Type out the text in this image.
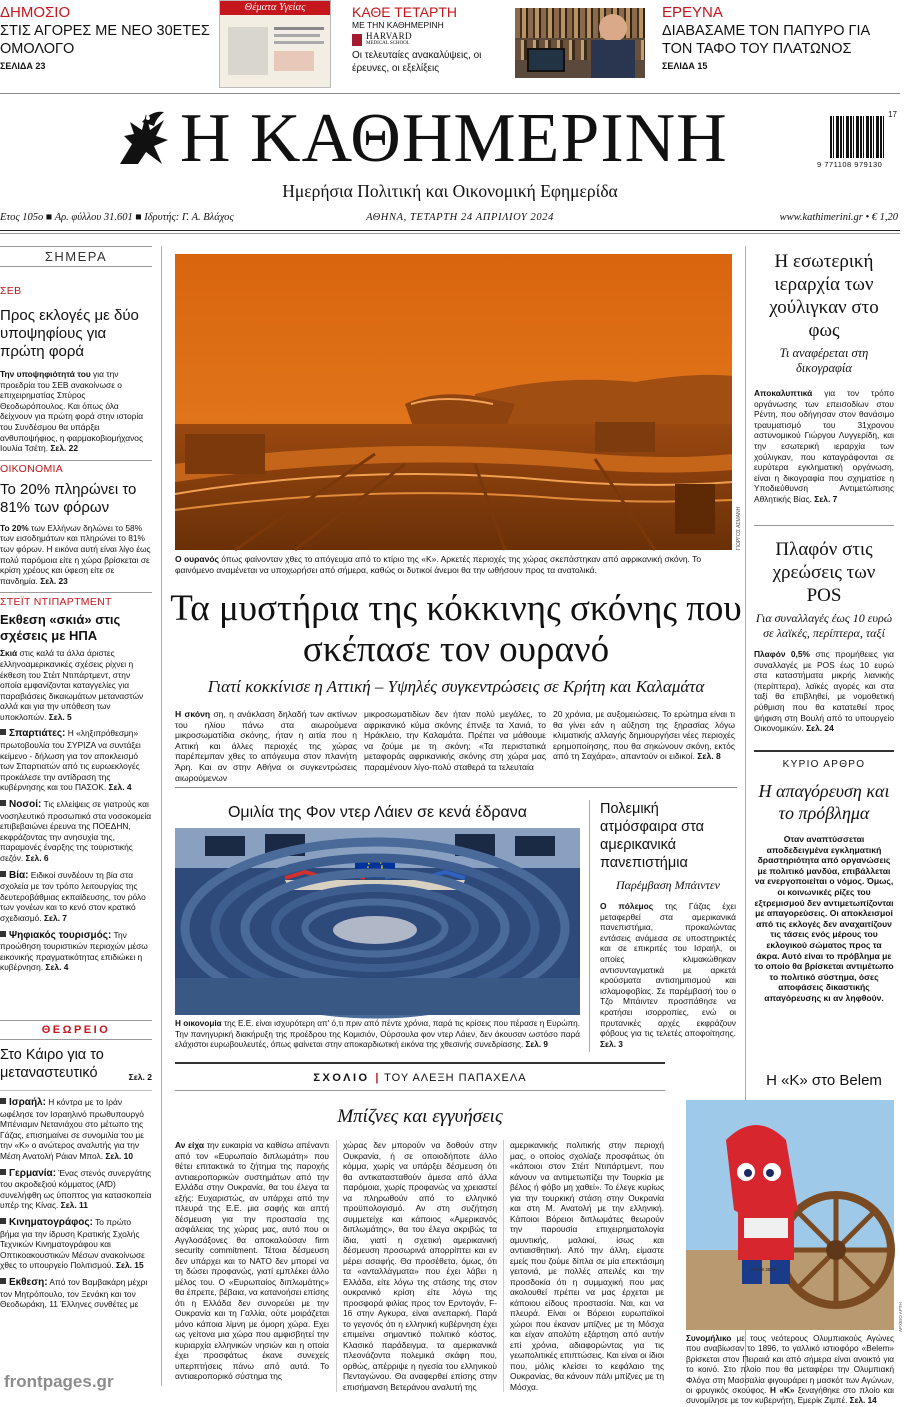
ΔΗΜΟΣΙΟ
ΣΤΙΣ ΑΓΟΡΕΣ ΜΕ ΝΕΟ 30ΕΤΕΣ ΟΜΟΛΟΓΟ
ΣΕΛΙΔΑ 23
Θέματα Υγείας	ΚΑΘΕ ΤΕΤΑΡΤΗ
ΜΕ ΤΗΝ ΚΑΘΗΜΕΡΙΝΗ
HARVARD
MEDICAL SCHOOL
Οι τελευταίες ανακαλύψεις, οι έρευνες, οι εξελίξεις
ΕΡΕΥΝΑ
ΔΙΑΒΑΣΑΜΕ ΤΟΝ ΠΑΠΥΡΟ ΓΙΑ ΤΟΝ ΤΑΦΟ ΤΟΥ ΠΛΑΤΩΝΟΣ
ΣΕΛΙΔΑ 15
Η ΚΑΘΗΜΕΡΙΝΗ
Ημερήσια Πολιτική και Οικονομική Εφημερίδα
17
9 771108 979130
Ετος 105ο ■ Αρ. φύλλου 31.601 ■ Ιδρυτής: Γ. Α. Βλάχος	ΑΘΗΝΑ, ΤΕΤΑΡΤΗ 24 ΑΠΡΙΛΙΟΥ 2024	www.kathimerini.gr • € 1,20
ΣΗΜΕΡΑ
ΣΕΒ
Προς εκλογές με δύο υποψηφίους για πρώτη φορά
Την υποψηφιότητά του για την προεδρία του ΣΕΒ ανακοίνωσε ο επιχειρηματίας Σπύρος Θεοδωρόπουλος. Και όπως όλα δείχνουν για πρώτη φορά στην ιστορία του Συνδέσμου θα υπάρξει ανθυποψήφιος, η φαρμακοβιομήχανος Ιουλία Τσέτη. Σελ. 22
ΟΙΚΟΝΟΜΙΑ
Το 20% πληρώνει το 81% των φόρων
Το 20% των Ελλήνων δηλώνει το 58% των εισοδημάτων και πληρώνει το 81% των φόρων. Η εικόνα αυτή είναι λίγο έως πολύ παρόμοια είτε η χώρα βρίσκεται σε κρίση χρέους και ύφεση είτε σε πανδημία. Σελ. 23
ΣΤΕΪΤ ΝΤΙΠΑΡΤΜΕΝΤ
Εκθεση «σκιά» στις σχέσεις με ΗΠΑ
Σκιά στις καλά τα άλλα άριστες ελληνοαμερικανικές σχέσεις ρίχνει η έκθεση του Στέιτ Ντιπάρτμεντ, στην οποία εμφανίζονται καταγγελίες για παραβιάσεις δικαιωμάτων μεταναστών αλλά και για την υπόθεση των υποκλοπών. Σελ. 5
Σπαρτιάτες: Η «ληξιπρόθεσμη» πρωτοβουλία του ΣΥΡΙΖΑ να συντάξει κείμενο - δήλωση για τον αποκλεισμό των Σπαρτιατών από τις ευρωεκλογές προκάλεσε την αντίδραση της κυβέρνησης και του ΠΑΣΟΚ. Σελ. 4
Νοσοί: Τις ελλείψεις σε γιατρούς και νοσηλευτικό προσωπικό στα νοσοκομεία επιβεβαιώνει έρευνα της ΠΟΕΔΗΝ, εκφράζοντας την ανησυχία της, παραμονές έναρξης της τουριστικής σεζόν. Σελ. 6
Βία: Ειδικοί συνδέουν τη βία στα σχολεία με τον τρόπο λειτουργίας της δευτεροβάθμιας εκπαίδευσης, τον ρόλο των γονέων και το κενό στον κρατικό σχεδιασμό. Σελ. 7
Ψηφιακός τουρισμός: Την προώθηση τουριστικών περιοχών μέσω εικονικής πραγματικότητας επιδιώκει η κυβέρνηση. Σελ. 4
ΘΕΩΡΕΙΟ
Στο Κάιρο για το μεταναστευτικό	Σελ. 2
Ισραήλ: Η κόντρα με το Ιράν ωφέλησε τον Ισραηλινό πρωθυπουργό Μπένιαμιν Νετανιάχου στο μέτωπο της Γάζας, επισημαίνει σε συνομιλία του με την «Κ» ο ανώτερος αναλυτής για την Μέση Ανατολή Ράιαν Μπολ. Σελ. 10
Γερμανία: Ένας στενός συνεργάτης του ακροδεξιού κόμματος (AfD) συνελήφθη ως ύποπτος για κατασκοπεία υπέρ της Κίνας. Σελ. 11
Κινηματογράφος: Το πρώτο βήμα για την ίδρυση Κρατικής Σχολής Τεχνικών Κινηματογράφου και Οπτικοακουστικών Μέσων ανακοίνωσε χθες το υπουργείο Πολιτισμού. Σελ. 15
Εκθεση: Από τον Βαμβακάρη μέχρι τον Μητρόπουλο, τον Ξενάκη και τον Θεοδωράκη, 11 Έλληνες συνθέτες με
frontpages.gr
ΓΙΩΡΓΟΣ ΑΣΜΑΝΗ
Ο ουρανός όπως φαίνονταν χθες το απόγευμα από το κτίριο της «Κ». Αρκετές περιοχές της χώρας σκεπάστηκαν από αφρικανική σκόνη. Το φαινόμενο αναμένεται να υποχωρήσει από σήμερα, καθώς οι δυτικοί άνεμοι θα την ωθήσουν προς τα ανατολικά.
Τα μυστήρια της κόκκινης σκόνης που σκέπασε τον ουρανό
Γιατί κοκκίνισε η Αττική – Υψηλές συγκεντρώσεις σε Κρήτη και Καλαμάτα
Η σκόνη ση, η ανάκλαση δηλαδή των ακτίνων του ηλίου πάνω στα αιωρούμενα μικροσωματίδια σκόνης, ήταν η αιτία που η Αττική και άλλες περιοχές της χώρας παρέπεμπαν χθες το απόγευμα στον πλανήτη Άρη. Και αν στην Αθήνα οι συγκεντρώσεις αιωρούμενων
μικροσωματιδίων δεν ήταν πολύ μεγάλες, το αφρικανικό κύμα σκόνης έπνιξε τα Χανιά, το Ηράκλειο, την Καλαμάτα. Πρέπει να μάθουμε να ζούμε με τη σκόνη; «Τα περιστατικά μεταφοράς αφρικανικής σκόνης στη χώρα μας παραμένουν λίγο-πολύ σταθερά τα τελευταία
20 χρόνια, με αυξομειώσεις. Το ερώτημα είναι τι θα γίνει εάν η αύξηση της ξηρασίας λόγω κλιματικής αλλαγής δημιουργήσει νέες περιοχές ερημοποίησης, που θα σηκώνουν σκόνη, εκτός από τη Σαχάρα», απαντούν οι ειδικοί. Σελ. 8
Ομιλία της Φον ντερ Λάιεν σε κενά έδρανα
Η οικονομία της Ε.Ε. είναι ισχυρότερη απ' ό,τι πριν από πέντε χρόνια, παρά τις κρίσεις που πέρασε η Ευρώπη. Την πανηγυρική διακήρυξη της προέδρου της Κομισιόν, Ούρσουλα φον ντερ Λάιεν, δεν άκουσαν ωστόσο παρά ελάχιστοι ευρωβουλευτές, όπως φαίνεται στην αποκαρδιωτική εικόνα της χθεσινής συνεδρίασης. Σελ. 9
Πολεμική ατμόσφαιρα στα αμερικανικά πανεπιστήμια
Παρέμβαση Μπάιντεν
Ο πόλεμος της Γάζας έχει μεταφερθεί στα αμερικανικά πανεπιστήμια, προκαλώντας εντάσεις ανάμεσα σε υποστηρικτές και σε επικριτές του Ισραήλ, οι οποίες κλιμακώθηκαν αντισυνταγματικά με αρκετά κρούσματα αντισημιτισμού και ισλαμοφοβίας. Σε παρέμβασή του ο Τζο Μπάιντεν προσπάθησε να κρατήσει ισορροπίες, ενώ οι πρυτανικές αρχές εκφράζουν φόβους για τις τελετές αποφοίτησης. Σελ. 3
Η εσωτερική ιεραρχία των χούλιγκαν στο φως
Τι αναφέρεται στη δικογραφία
Αποκαλυπτικά για τον τρόπο οργάνωσης των επεισοδίων στου Ρέντη, που οδήγησαν στον θανάσιμο τραυματισμό του 31χρονου αστυνομικού Γιώργου Λυγγερίδη, και την εσωτερική ιεραρχία των χούλιγκαν, που καταγράφονται σε ευρύτερα εγκληματική οργάνωση, είναι η δικογραφία που σχηματίσε η Υποδιεύθυνση Αντιμετώπισης Αθλητικής Βίας. Σελ. 7
Πλαφόν στις χρεώσεις των POS
Για συναλλαγές έως 10 ευρώ σε λαϊκές, περίπτερα, ταξί
Πλαφόν 0,5% στις προμήθειες για συναλλαγές με POS έως 10 ευρώ στα καταστήματα μικρής λιανικής (περίπτερα), λαϊκές αγορές και στα ταξί θα επιβληθεί, με νομοθετική ρύθμιση που θα κατατεθεί προς ψήφιση στη Βουλή από το υπουργείο Οικονομικών. Σελ. 24
ΚΥΡΙΟ ΑΡΘΡΟ
Η απαγόρευση και το πρόβλημα
Οταν αναπτύσσεται αποδεδειγμένα εγκληματική δραστηριότητα από οργανώσεις με πολιτικό μανδύα, επιβάλλεται να ενεργοποιείται ο νόμος. Όμως, οι κοινωνικές ρίζες του εξτρεμισμού δεν αντιμετωπίζονται με απαγορεύσεις. Οι αποκλεισμοί από τις εκλογές δεν αναχαιτίζουν τις τάσεις ενός μέρους του εκλογικού σώματος προς τα άκρα. Αυτό είναι το πρόβλημα με το οποίο θα βρίσκεται αντιμέτωπο το πολιτικό σύστημα, όσες αποφάσεις δικαστικής απαγόρευσης κι αν ληφθούν.
Η «Κ» στο Belem
PARIS 2024
ΑΡΧΕΙΟ ΑΡΤΗ
Συνομήλικο με τους νεότερους Ολυμπιακούς Αγώνες που αναβίωσαν το 1896, το γαλλικό ιστιοφόρο «Belem» βρίσκεται στον Πειραιά και από σήμερα είναι ανοικτό για το κοινό. Στο πλοίο που θα μεταφέρει την Ολυμπιακή Φλόγα στη Μασσαλία φιγουράρει η μασκότ των Αγώνων, οι φρυγικός σκούφος. Η «Κ» ξεναγήθηκε στο πλοίο και συνομίλησε με τον κυβερνήτη, Εμερίκ Ζιμπέ. Σελ. 14
ΣΧΟΛΙΟ | ΤΟΥ ΑΛΕΞΗ ΠΑΠΑΧΕΛΑ
Μπίζνες και εγγυήσεις
Αν είχα την ευκαιρία να καθίσω απέναντι από τον «Ευρωπαίο διπλωμάτη» που θέτει επιτακτικά το ζήτημα της παροχής αντιαεροπορικών συστημάτων από την Ελλάδα στην Ουκρανία, θα του έλεγα τα εξής: Ευχαριστώς, αν υπάρχει από την πλευρά της Ε.Ε. μια σαφής και απτή δέσμευση για την προστασία της ασφάλειας της χώρας μας, αυτό που οι Αγγλοσάξονες θα αποκαλούσαν firm security commitment. Τέτοια δέσμευση δεν υπάρχει και το ΝΑΤΟ δεν μπορεί να τη δώσει προφανώς, γιατί εμπλέκει άλλο μέλος του. Ο «Ευρωπαίος διπλωμάτης» θα έπρεπε, βέβαια, να κατανοήσει επίσης ότι η Ελλάδα δεν συνορεύει με την Ουκρανία και τη Γαλλία, ούτε μοιράζεται μόνο κάποια λίμνη με όμορη χώρα. Εχει ως γείτονα μια χώρα που αμφισβητεί την κυριαρχία ελληνικών νησιών και η οποία έχει προσφάτως έκανε συνεχείς υπερπτήσεις πάνω από αυτά. Το αντιαεροπορικό σύστημα της
χώρας δεν μπορούν να δοθούν στην Ουκρανία, ή σε οποιοδήποτε άλλο κόμμα, χωρίς να υπάρξει δέσμευση ότι θα αντικατασταθούν άμεσα από άλλα παρόμοια, χωρίς προφανώς να χρειαστεί να πληρωθούν από το ελληνικό προϋπολογισμό. Αν στη συζήτηση συμμετείχε και κάποιος «Αμερικανός διπλωμάτης», θα του έλεγα ακριβώς τα ίδια, γιατί η σχετική αμερικανική δέσμευση προσωρινά απορρίπτει και εν μέρει ασαφής. Θα προσέθετα, όμως, ότι τα «ανταλλάγματα» που έχει λάβει η Ελλάδα, είτε λόγω της στάσης της στον ουκρανικό κρίση είτε λόγω της προσφορά φιλίας προς τον Ερντογάν, F-16 στην Αγκυρα, είναι ανεπαρκή. Παρά το γεγονός ότι η ελληνική κυβέρνηση έχει επιμείνει σημαντικό πολιτικό κόστος. Κλασικό παράδειγμα, τα αμερικανικά πλεονάζοντα πολεμικά σκάφη που, ορθώς, απέρριψε η ηγεσία του ελληνικού Πενταγώνου. Θα αναφερθεί επίσης στην επισήμανση Βετεράνου αναλυτή της
αμερικανικής πολιτικής στην περιοχή μας, ο οποίος σχολίαζε προσφάτως ότι «κάποιοι στον Στέιτ Ντιπάρτμεντ, που κάνουν να αντιμετωπίζει την Τουρκία με βέλος ή φόβο μη χαθεί». Το έλεγε κυρίως για την τουρκική στάση στην Ουκρανία και στη Μ. Ανατολή με την ελληνική. Κάποιοι Βόρειοι διπλωμάτες θεωρούν την παρουσία επιχειρηματολογία αμυντικής, μαλακιί, ίσως και αντιαισθητική. Από την άλλη, είμαστε εμείς που ζούμε δίπλα σε μία επεκτάσιμη γειτονιά, με πολλές απειλές και την προσδοκία ότι η συμμαχική που μας ακολουθεί πρέπει να μας έρχεται με κάποιου είδους προστασία. Ναι, και να πλευρά. Είναι οι Βόρειοι ευρωπαϊκοί χώροι που έκαναν μπίζνες με τη Μόσχα και είχαν απολύτη εξάρτηση από αυτήν επί χρόνια, αδιαφορώντας για τις γεωπολιτικές επιπτώσεις. Και είναι οι ίδιοι που, μόλις κλείσει το κεφάλαιο της Ουκρανίας, θα κάνουν πάλι μπίζνες με τη Μόσχα.
